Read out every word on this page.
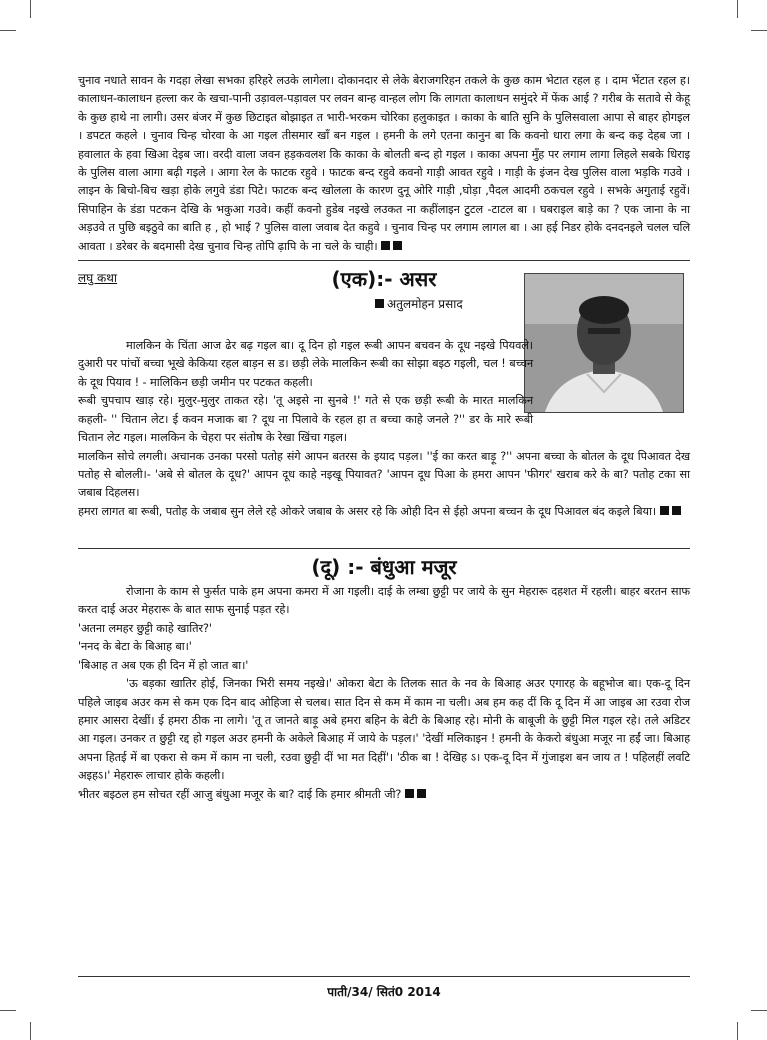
चुनाव नधाते सावन के गदहा लेखा सभका हरिहरे लउके लागेला। दोकानदार से लेके बेराजगरिहन तकले के कुछ काम भेटात रहल ह । दाम भेंटात रहल ह। कालाधन-कालाधन हल्ला कर के खचा-पानी उड़ावल-पड़ावल पर लवन बान्ह वान्हल लोग कि लागता कालाधन समुंदरे में फेंक आई ? गरीब के सतावे से केहू के कुछ हाथे ना लागी। उसर बंजर में कुछ छिटाइत बोझाइत त भारी-भरकम चोरिका हलुकाइत । काका के बाति सुनि के पुलिसवाला आपा से बाहर होगइल । डपटत कहले । चुनाव चिन्ह चोरवा के आ गइल तीसमार खाँ बन गइल । हमनी के लगे एतना कानुन बा कि कवनो धारा लगा के बन्द कइ देहब जा । हवालात के हवा खिआ देइब जा। वरदी वाला जवन हड़कवलश कि काका के बोलती बन्द हो गइल । काका अपना मुँह पर लगाम लागा लिहले सबके धिराइ के पुलिस वाला आगा बढ़ी गइले । आगा रेल के फाटक रहुवे । फाटक बन्द रहुवे कवनो गाड़ी आवत रहुवे । गाड़ी के इंजन देख पुलिस वाला भड़कि गउवे । लाइन के बिचो-बिच खड़ा होके लगुवे डंडा पिटे। फाटक बन्द खोलला के कारण दुनू ओरि गाड़ी ,घोड़ा ,पैदल आदमी ठकचल रहुवे । सभके अगुताई रहुवें। सिपाहिन के डंडा पटकन देखि के भकुआ गउवे। कहीं कवनो हुडेब नइखे लउकत ना कहींलाइन टुटल -टाटल बा । घबराइल बाड़े का ? एक जाना के ना अड़उवे त पुछि बइठुवे का बाति ह , हो भाई ? पुलिस वाला जवाब देत कहुवे । चुनाव चिन्ह पर लगाम लागल बा । आ हई निडर होके दनदनइले चलल चलि आवता । डरेबर के बदमासी देख चुनाव चिन्ह तोपि ढ़ापि के ना चले के चाही।

लघु कथा	(एक):- असर
अतुलमोहन प्रसाद

मालकिन के चिंता आज ढेर बढ़ गइल बा। दू दिन हो गइल रूबी आपन बचवन के दूध नइखे पियवले। दुआरी पर पांचों बच्चा भूखे केकिया रहल बाड़न स ड। छड़ी लेके मालकिन रूबी का सोझा बइठ गइली, चल ! बच्चन के दूध पियाव ! - मालिकिन छड़ी जमीन पर पटकत कहली।

रूबी चुपचाप खाड़ रहे। मुलुर-मुलुर ताकत रहे। 'तू अइसे ना सुनबे !' गते से एक छड़ी रूबी के मारत मालकिन कहली- '' चितान लेट। ई कवन मजाक बा ? दूध ना पिलावे के रहल हा त बच्चा काहे जनले ?'' डर के मारे रूबी चितान लेट गइल। मालकिन के चेहरा पर संतोष के रेखा खिंचा गइल।

मालकिन सोचे लगली। अचानक उनका परसो पतोह संगे आपन बतरस के इयाद पड़ल। ''ई का करत बाड़ू ?'' अपना बच्चा के बोतल के दूध पिआवत देख पतोह से बोलली।- 'अबे से बोतल के दूध?' आपन दूध काहे नइखू पियावत? 'आपन दूध पिआ के हमरा आपन 'फीगर' खराब करे के बा? पतोह टका सा जबाब दिहलस।

हमरा लागत बा रूबी, पतोह के जबाब सुन लेले रहे ओकरे जबाब के असर रहे कि ओही दिन से ईहो अपना बच्चन के दूध पिआवल बंद कइले बिया।

(दू) :- बंधुआ मजूर

रोजाना के काम से फुर्सत पाके हम अपना कमरा में आ गइली। दाई के लम्बा छुट्टी पर जाये के सुन मेहरारू दहशत में रहली। बाहर बरतन साफ करत दाई अउर मेहरारू के बात साफ सुनाई पड़त रहे।

'अतना लमहर छुट्टी काहे खातिर?'

'ननद के बेटा के बिआह बा।'

'बिआह त अब एक ही दिन में हो जात बा।'

'ऊ बड़का खातिर होई, जिनका भिरी समय नइखे।' ओकरा बेटा के तिलक सात के नव के बिआह अउर एगारह के बहूभोज बा। एक-दू दिन पहिले जाइब अउर कम से कम एक दिन बाद ओहिजा से चलब। सात दिन से कम में काम ना चली। अब हम कह दीं कि दू दिन में आ जाइब आ रउवा रोज हमार आसरा देखीं। ई हमरा ठीक ना लागे। 'तू त जानते बाड़ू अबे हमरा बहिन के बेटी के बिआह रहे। मोनी के बाबूजी के छुट्टी मिल गइल रहे। तले अडिटर आ गइल। उनकर त छुट्टी रद्द हो गइल अउर हमनी के अकेले बिआह में जाये के पड़ल।' 'देखीं मलिकाइन ! हमनी के केकरो बंधुआ मजूर ना हईं जा। बिआह अपना हितई में बा एकरा से कम में काम ना चली, रउवा छुट्टी दीं भा मत दिहीं'। 'ठीक बा ! देखिह ऽ। एक-दू दिन में गुंजाइश बन जाय त ! पहिलहीं लवटि अइहऽ।' मेहरारू लाचार होके कहली।

भीतर बइठल हम सोचत रहीं आजु बंधुआ मजूर के बा? दाई कि हमार श्रीमती जी?

पाती/34/ सितं0 2014
